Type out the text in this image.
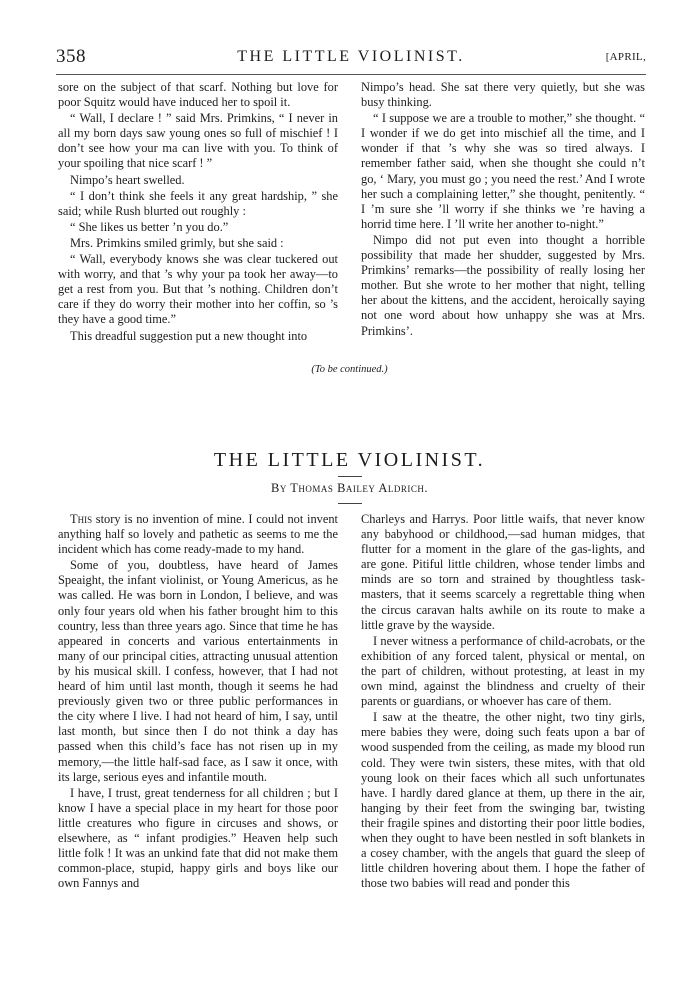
358	THE LITTLE VIOLINIST.	[APRIL,

sore on the subject of that scarf. Nothing but love for poor Squitz would have induced her to spoil it.

“ Wall, I declare ! ” said Mrs. Primkins, “ I never in all my born days saw young ones so full of mischief ! I don’t see how your ma can live with you. To think of your spoiling that nice scarf ! ”

Nimpo’s heart swelled.

“ I don’t think she feels it any great hardship, ” she said; while Rush blurted out roughly :

“ She likes us better ’n you do.”

Mrs. Primkins smiled grimly, but she said :

“ Wall, everybody knows she was clear tuckered out with worry, and that ’s why your pa took her away—to get a rest from you. But that ’s nothing. Children don’t care if they do worry their mother into her coffin, so ’s they have a good time.”

This dreadful suggestion put a new thought into

Nimpo’s head. She sat there very quietly, but she was busy thinking.

“ I suppose we are a trouble to mother,” she thought. “ I wonder if we do get into mischief all the time, and I wonder if that ’s why she was so tired always. I remember father said, when she thought she could n’t go, ‘ Mary, you must go ; you need the rest.’ And I wrote her such a complaining letter,” she thought, penitently. “ I ’m sure she ’ll worry if she thinks we ’re having a horrid time here. I ’ll write her another to-night.”

Nimpo did not put even into thought a horrible possibility that made her shudder, suggested by Mrs. Primkins’ remarks—the possibility of really losing her mother. But she wrote to her mother that night, telling her about the kittens, and the accident, heroically saying not one word about how unhappy she was at Mrs. Primkins’.

(To be continued.)
THE LITTLE VIOLINIST.
By Thomas Bailey Aldrich.

This story is no invention of mine. I could not invent anything half so lovely and pathetic as seems to me the incident which has come ready-made to my hand.

Some of you, doubtless, have heard of James Speaight, the infant violinist, or Young Americus, as he was called. He was born in London, I believe, and was only four years old when his father brought him to this country, less than three years ago. Since that time he has appeared in concerts and various entertainments in many of our principal cities, attracting unusual attention by his musical skill. I confess, however, that I had not heard of him until last month, though it seems he had previously given two or three public performances in the city where I live. I had not heard of him, I say, until last month, but since then I do not think a day has passed when this child’s face has not risen up in my memory,—the little half-sad face, as I saw it once, with its large, serious eyes and infantile mouth.

I have, I trust, great tenderness for all children ; but I know I have a special place in my heart for those poor little creatures who figure in circuses and shows, or elsewhere, as “ infant prodigies.” Heaven help such little folk ! It was an unkind fate that did not make them common-place, stupid, happy girls and boys like our own Fannys and

Charleys and Harrys. Poor little waifs, that never know any babyhood or childhood,—sad human midges, that flutter for a moment in the glare of the gas-lights, and are gone. Pitiful little children, whose tender limbs and minds are so torn and strained by thoughtless task-masters, that it seems scarcely a regrettable thing when the circus caravan halts awhile on its route to make a little grave by the wayside.

I never witness a performance of child-acrobats, or the exhibition of any forced talent, physical or mental, on the part of children, without protesting, at least in my own mind, against the blindness and cruelty of their parents or guardians, or whoever has care of them.

I saw at the theatre, the other night, two tiny girls, mere babies they were, doing such feats upon a bar of wood suspended from the ceiling, as made my blood run cold. They were twin sisters, these mites, with that old young look on their faces which all such unfortunates have. I hardly dared glance at them, up there in the air, hanging by their feet from the swinging bar, twisting their fragile spines and distorting their poor little bodies, when they ought to have been nestled in soft blankets in a cosey chamber, with the angels that guard the sleep of little children hovering about them. I hope the father of those two babies will read and ponder this
